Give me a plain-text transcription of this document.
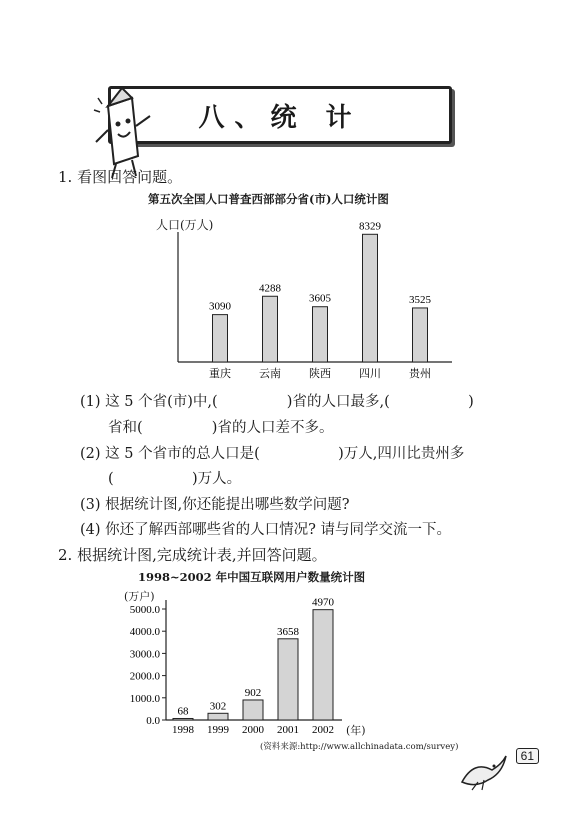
八、统 计
1. 看图回答问题。
第五次全国人口普查西部部分省(市)人口统计图
人口(万人)
3090
重庆
4288
云南
3605
陕西
8329
四川
3525
贵州
(1) 这 5 个省(市)中,(               )省的人口最多,(                 )
省和(               )省的人口差不多。
(2) 这 5 个省市的总人口是(                 )万人,四川比贵州多
(                 )万人。
(3) 根据统计图,你还能提出哪些数学问题?
(4) 你还了解西部哪些省的人口情况? 请与同学交流一下。
2. 根据统计图,完成统计表,并回答问题。
1998~2002 年中国互联网用户数量统计图
(万户)
(年)
0.0
1000.0
2000.0
3000.0
4000.0
5000.0
68
1998
302
1999
902
2000
3658
2001
4970
2002
(资料来源:http://www.allchinadata.com/survey)
61
